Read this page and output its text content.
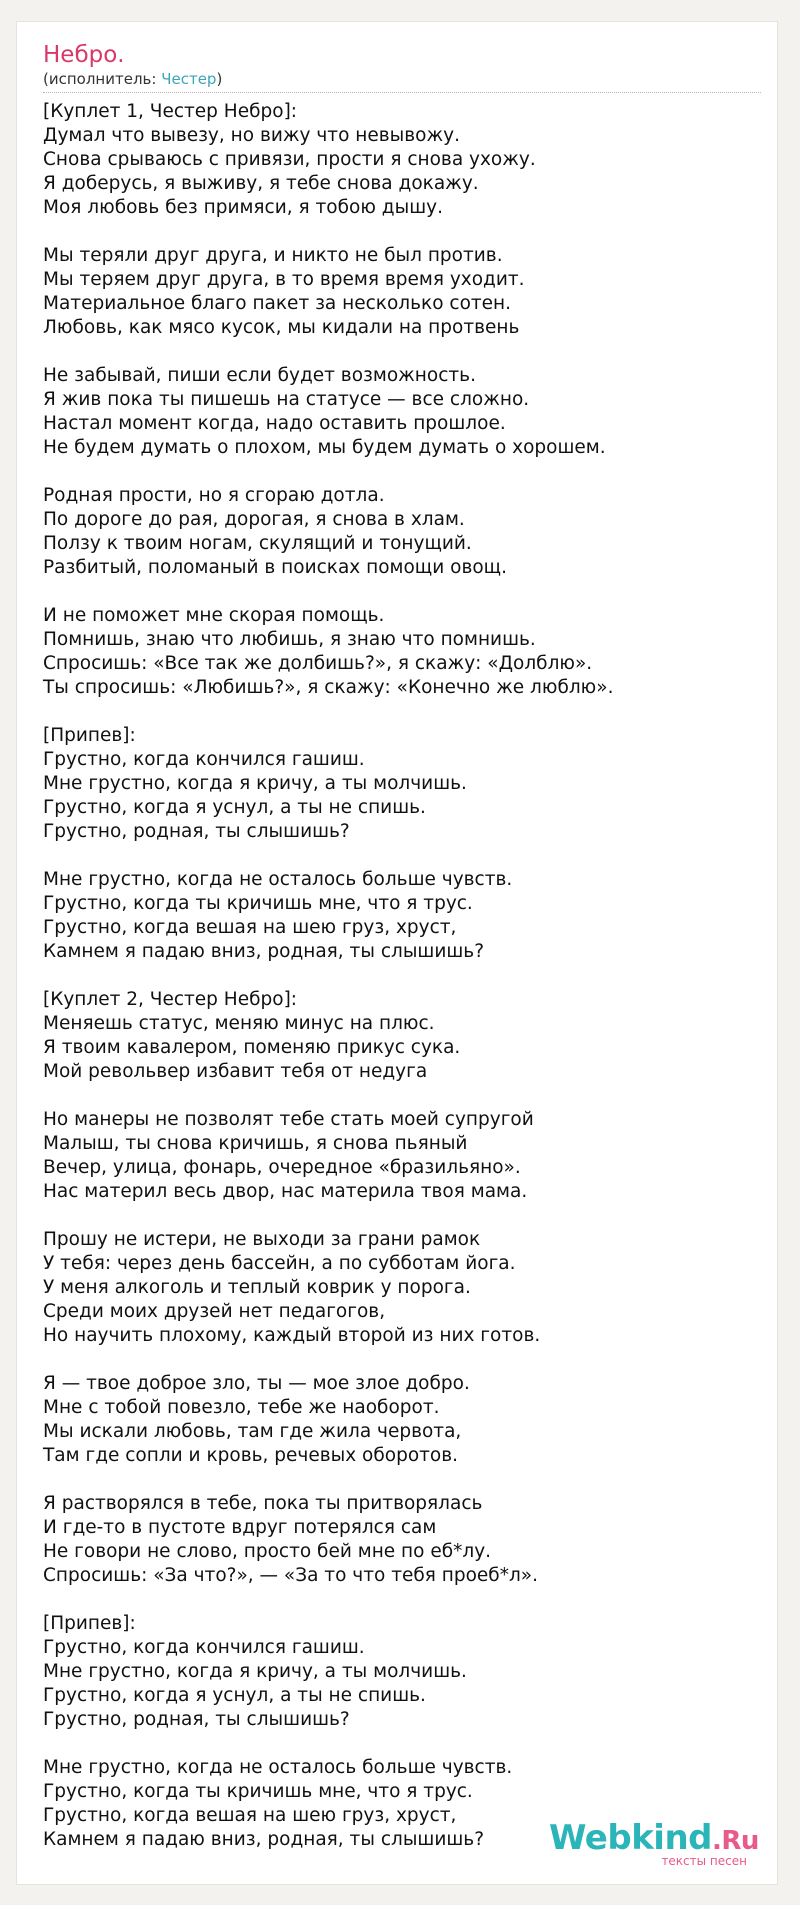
Небро.
(исполнитель: Честер)
[Куплет 1, Честер Небро]:
Думал что вывезу, но вижу что невывожу.
Снова срываюсь с привязи, прости я снова ухожу.
Я доберусь, я выживу, я тебе снова докажу.
Моя любовь без примяси, я тобою дышу.
Мы теряли друг друга, и никто не был против.
Мы теряем друг друга, в то время время уходит.
Материальное благо пакет за несколько сотен.
Любовь, как мясо кусок, мы кидали на протвень
Не забывай, пиши если будет возможность.
Я жив пока ты пишешь на статусе — все сложно.
Настал момент когда, надо оставить прошлое.
Не будем думать о плохом, мы будем думать о хорошем.
Родная прости, но я сгораю дотла.
По дороге до рая, дорогая, я снова в хлам.
Ползу к твоим ногам, скулящий и тонущий.
Разбитый, поломаный в поисках помощи овощ.
И не поможет мне скорая помощь.
Помнишь, знаю что любишь, я знаю что помнишь.
Спросишь: «Все так же долбишь?», я скажу: «Долблю».
Ты спросишь: «Любишь?», я скажу: «Конечно же люблю».
[Припев]:
Грустно, когда кончился гашиш.
Мне грустно, когда я кричу, а ты молчишь.
Грустно, когда я уснул, а ты не спишь.
Грустно, родная, ты слышишь?
Мне грустно, когда не осталось больше чувств.
Грустно, когда ты кричишь мне, что я трус.
Грустно, когда вешая на шею груз, хруст,
Камнем я падаю вниз, родная, ты слышишь?
[Куплет 2, Честер Небро]:
Меняешь статус, меняю минус на плюс.
Я твоим кавалером, поменяю прикус сука.
Мой револьвер избавит тебя от недуга
Но манеры не позволят тебе стать моей супругой
Малыш, ты снова кричишь, я снова пьяный
Вечер, улица, фонарь, очередное «бразильяно».
Нас материл весь двор, нас материла твоя мама.
Прошу не истери, не выходи за грани рамок
У тебя: через день бассейн, а по субботам йога.
У меня алкоголь и теплый коврик у порога.
Среди моих друзей нет педагогов,
Но научить плохому, каждый второй из них готов.
Я — твое доброе зло, ты — мое злое добро.
Мне с тобой повезло, тебе же наоборот.
Мы искали любовь, там где жила червота,
Там где сопли и кровь, речевых оборотов.
Я растворялся в тебе, пока ты притворялась
И где-то в пустоте вдруг потерялся сам
Не говори не слово, просто бей мне по еб*лу.
Спросишь: «За что?», — «За то что тебя проеб*л».
[Припев]:
Грустно, когда кончился гашиш.
Мне грустно, когда я кричу, а ты молчишь.
Грустно, когда я уснул, а ты не спишь.
Грустно, родная, ты слышишь?
Мне грустно, когда не осталось больше чувств.
Грустно, когда ты кричишь мне, что я трус.
Грустно, когда вешая на шею груз, хруст,
Камнем я падаю вниз, родная, ты слышишь?	Webkind.Ru
тексты песен
